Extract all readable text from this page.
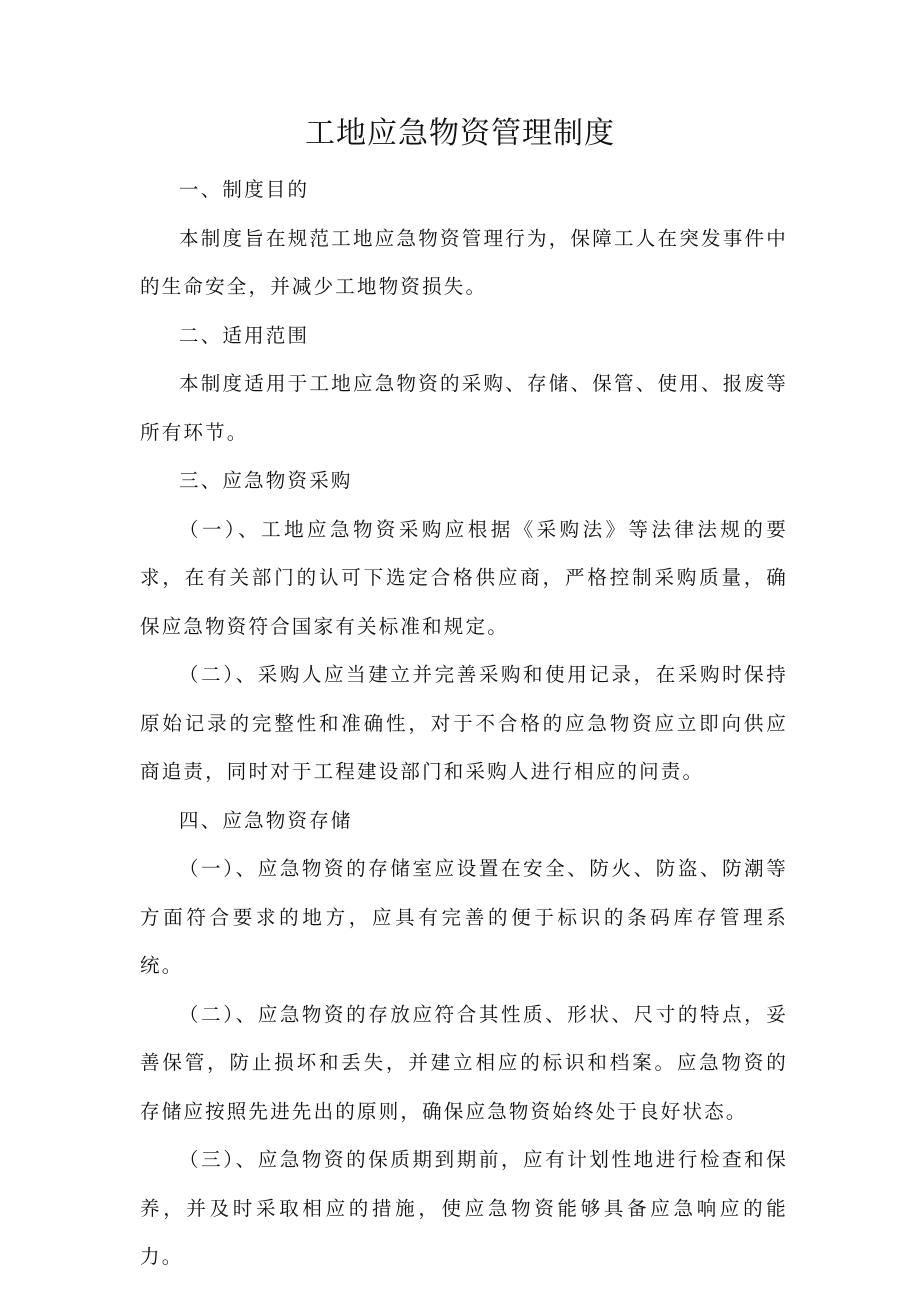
工地应急物资管理制度

一、制度目的

本制度旨在规范工地应急物资管理行为，保障工人在突发事件中的生命安全，并减少工地物资损失。

二、适用范围

本制度适用于工地应急物资的采购、存储、保管、使用、报废等所有环节。

三、应急物资采购

（一）、工地应急物资采购应根据《采购法》等法律法规的要求，在有关部门的认可下选定合格供应商，严格控制采购质量，确保应急物资符合国家有关标准和规定。

（二）、采购人应当建立并完善采购和使用记录，在采购时保持原始记录的完整性和准确性，对于不合格的应急物资应立即向供应商追责，同时对于工程建设部门和采购人进行相应的问责。

四、应急物资存储

（一）、应急物资的存储室应设置在安全、防火、防盗、防潮等方面符合要求的地方，应具有完善的便于标识的条码库存管理系统。

（二）、应急物资的存放应符合其性质、形状、尺寸的特点，妥善保管，防止损坏和丢失，并建立相应的标识和档案。应急物资的存储应按照先进先出的原则，确保应急物资始终处于良好状态。

（三）、应急物资的保质期到期前，应有计划性地进行检查和保养，并及时采取相应的措施，使应急物资能够具备应急响应的能力。
